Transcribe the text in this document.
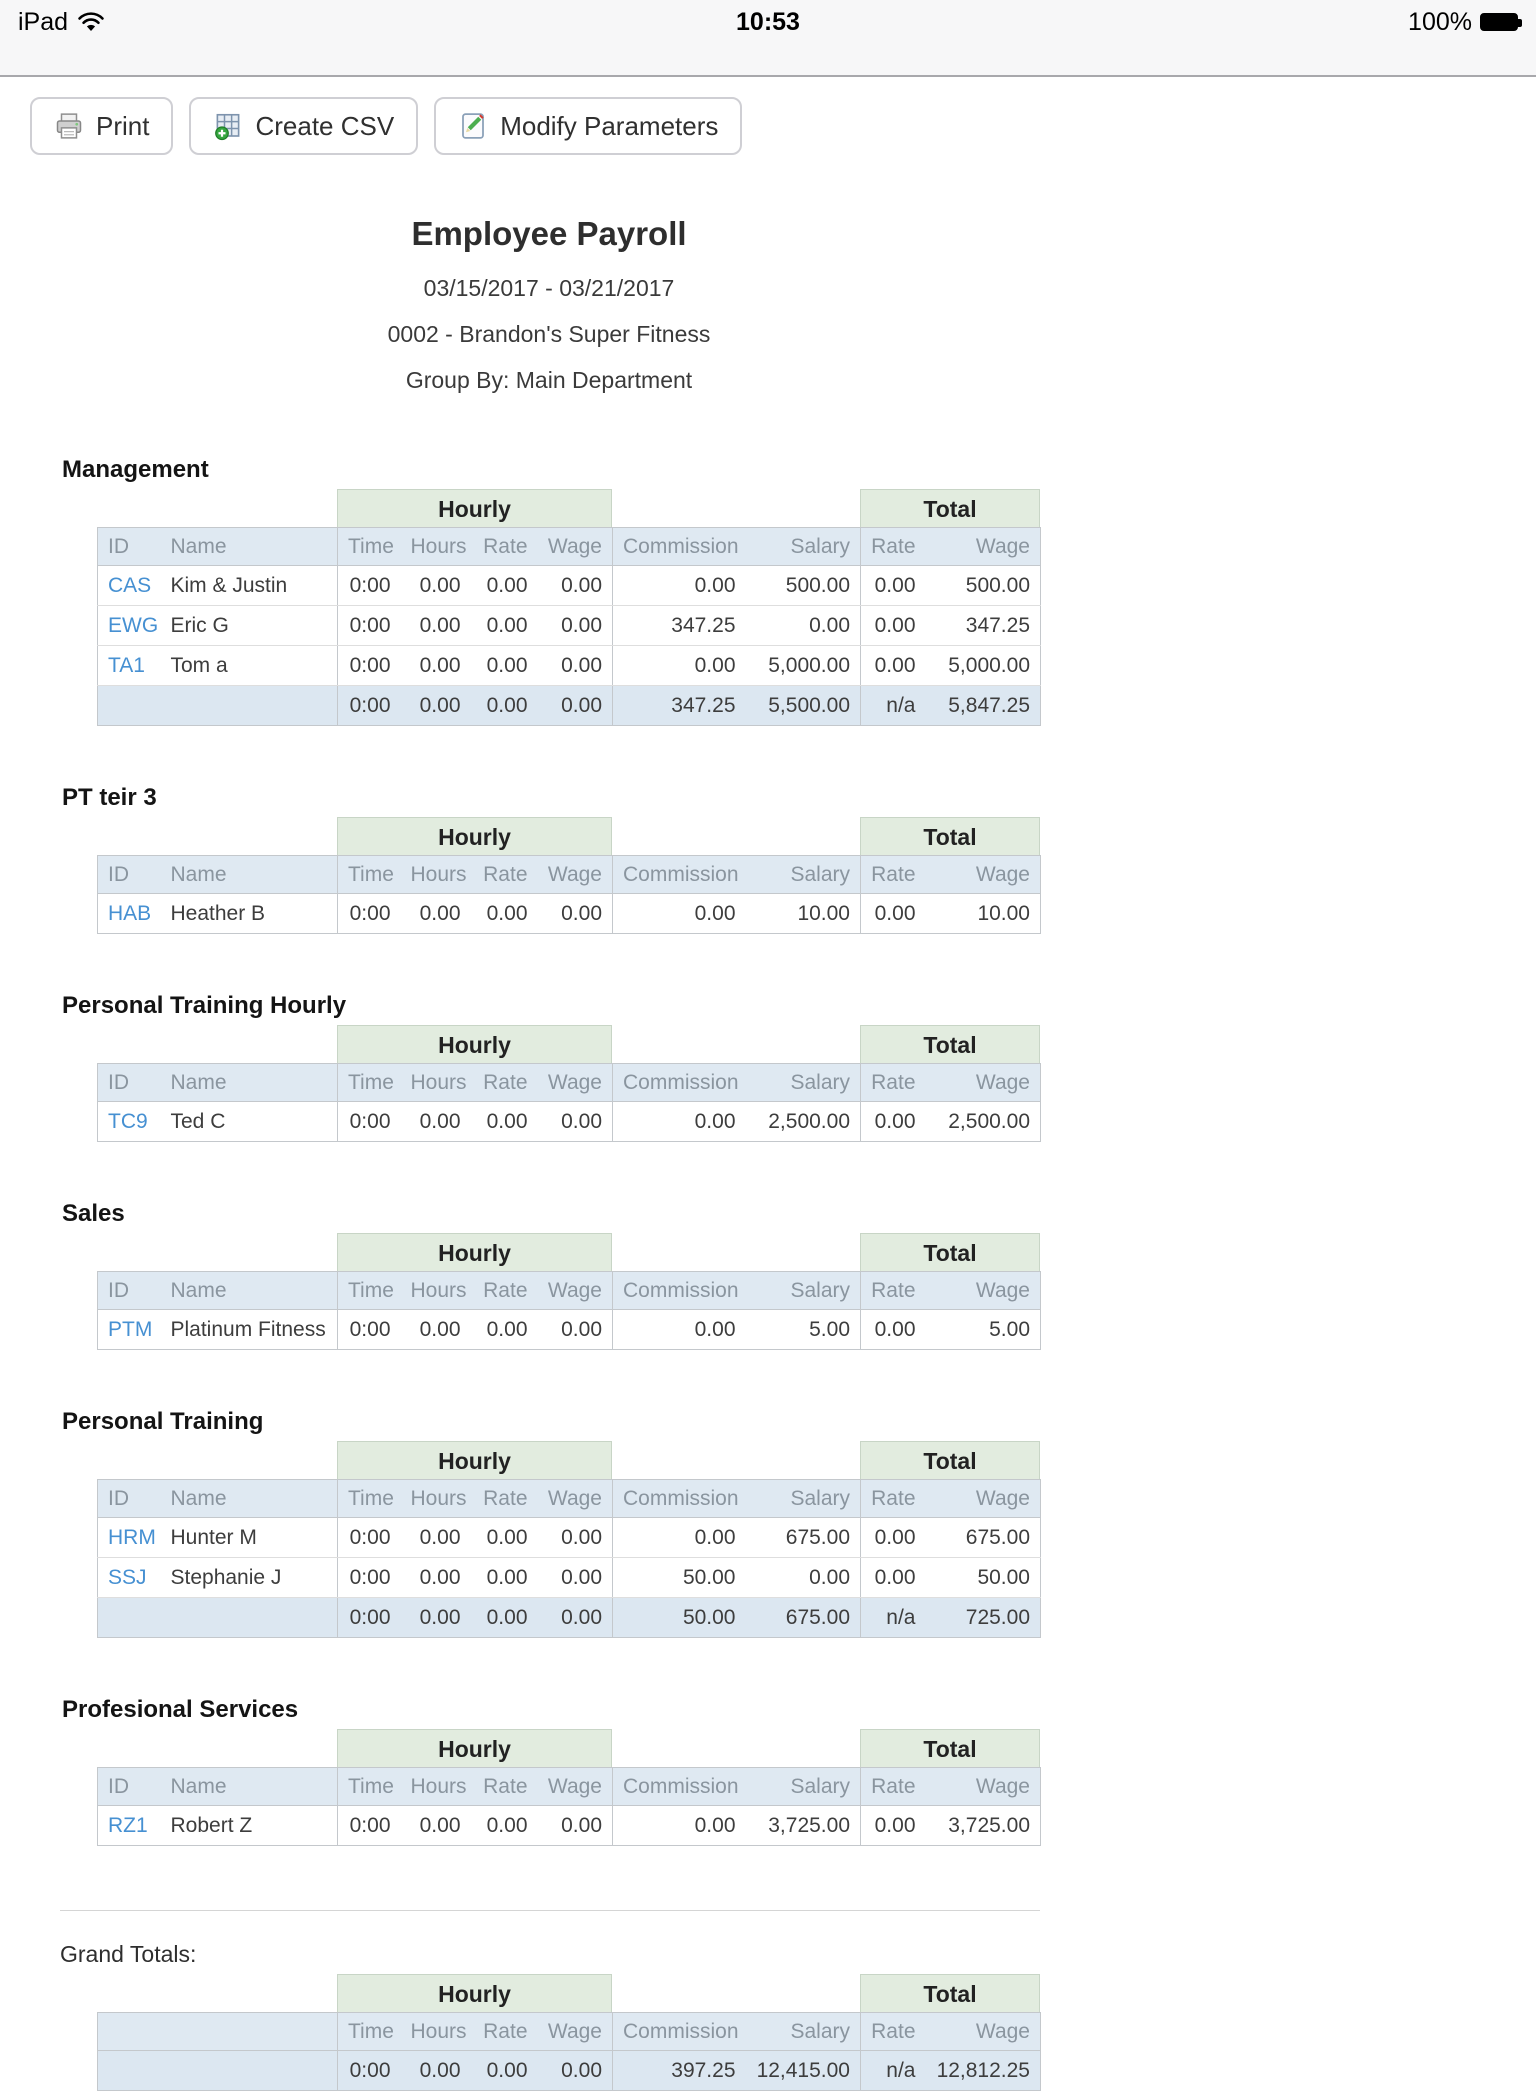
iPad	10:53	100%
Print	Create CSV	Modify Parameters
Employee Payroll
03/15/2017 - 03/21/2017
0002 - Brandon's Super Fitness
Group By: Main Department
Management
Hourly	Total
ID	Name	Time	Hours	Rate	Wage	Commission	Salary	Rate	Wage
CAS	Kim & Justin	0:00	0.00	0.00	0.00	0.00	500.00	0.00	500.00
EWG	Eric G	0:00	0.00	0.00	0.00	347.25	0.00	0.00	347.25
TA1	Tom a	0:00	0.00	0.00	0.00	0.00	5,000.00	0.00	5,000.00
		0:00	0.00	0.00	0.00	347.25	5,500.00	n/a	5,847.25
PT teir 3
Hourly	Total
ID	Name	Time	Hours	Rate	Wage	Commission	Salary	Rate	Wage
HAB	Heather B	0:00	0.00	0.00	0.00	0.00	10.00	0.00	10.00
Personal Training Hourly
Hourly	Total
ID	Name	Time	Hours	Rate	Wage	Commission	Salary	Rate	Wage
TC9	Ted C	0:00	0.00	0.00	0.00	0.00	2,500.00	0.00	2,500.00
Sales
Hourly	Total
ID	Name	Time	Hours	Rate	Wage	Commission	Salary	Rate	Wage
PTM	Platinum Fitness	0:00	0.00	0.00	0.00	0.00	5.00	0.00	5.00
Personal Training
Hourly	Total
ID	Name	Time	Hours	Rate	Wage	Commission	Salary	Rate	Wage
HRM	Hunter M	0:00	0.00	0.00	0.00	0.00	675.00	0.00	675.00
SSJ	Stephanie J	0:00	0.00	0.00	0.00	50.00	0.00	0.00	50.00
		0:00	0.00	0.00	0.00	50.00	675.00	n/a	725.00
Profesional Services
Hourly	Total
ID	Name	Time	Hours	Rate	Wage	Commission	Salary	Rate	Wage
RZ1	Robert Z	0:00	0.00	0.00	0.00	0.00	3,725.00	0.00	3,725.00
Grand Totals:
Hourly	Total
	Time	Hours	Rate	Wage	Commission	Salary	Rate	Wage
	0:00	0.00	0.00	0.00	397.25	12,415.00	n/a	12,812.25
